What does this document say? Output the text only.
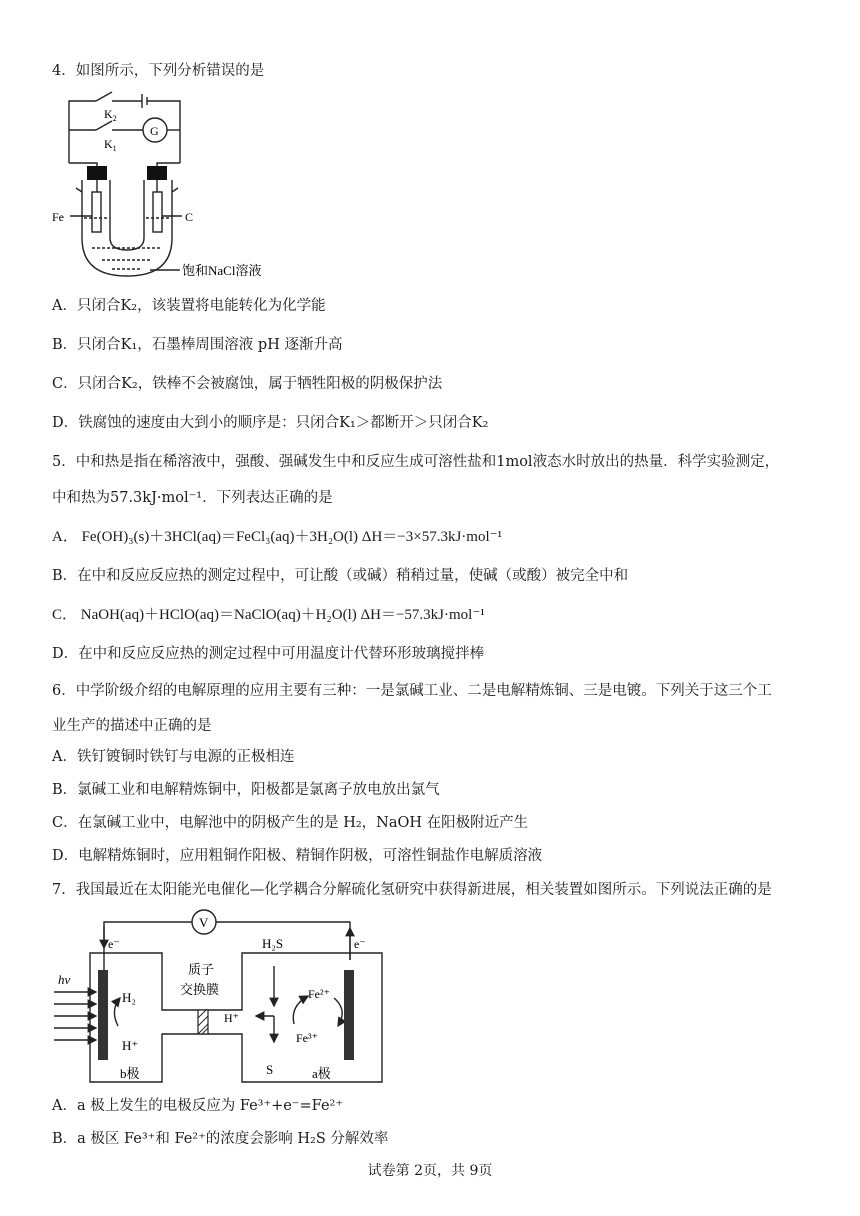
4．如图所示，下列分析错误的是
$K_2$
$K_1$
G
Fe	C
饱和NaCl溶液
A．只闭合K₂，该装置将电能转化为化学能
B．只闭合K₁，石墨棒周围溶液 pH 逐渐升高
C．只闭合K₂，铁棒不会被腐蚀，属于牺牲阳极的阴极保护法
D．铁腐蚀的速度由大到小的顺序是：只闭合K₁＞都断开＞只闭合K₂
5．中和热是指在稀溶液中，强酸、强碱发生中和反应生成可溶性盐和1mol液态水时放出的热量．科学实验测定，
中和热为57.3kJ·mol⁻¹．下列表达正确的是
A． Fe(OH)₃(s)＋3HCl(aq)＝FeCl₃(aq)＋3H₂O(l) ΔH＝−3×57.3kJ·mol⁻¹
B．在中和反应反应热的测定过程中，可让酸（或碱）稍稍过量，使碱（或酸）被完全中和
C． NaOH(aq)＋HClO(aq)＝NaClO(aq)＋H₂O(l) ΔH＝−57.3kJ·mol⁻¹
D．在中和反应反应热的测定过程中可用温度计代替环形玻璃搅拌棒
6．中学阶级介绍的电解原理的应用主要有三种：一是氯碱工业、二是电解精炼铜、三是电镀。下列关于这三个工
业生产的描述中正确的是
A．铁钉镀铜时铁钉与电源的正极相连
B．氯碱工业和电解精炼铜中，阳极都是氯离子放电放出氯气
C．在氯碱工业中，电解池中的阴极产生的是 H₂，NaOH 在阳极附近产生
D．电解精炼铜时，应用粗铜作阳极、精铜作阴极，可溶性铜盐作电解质溶液
7．我国最近在太阳能光电催化—化学耦合分解硫化氢研究中获得新进展，相关装置如图所示。下列说法正确的是
V
e⁻	e⁻
hν
H₂
H⁺
质子
交换膜
H⁺
H₂S
S
Fe²⁺
Fe³⁺
b极	a极
A．a 极上发生的电极反应为 Fe³⁺+e⁻=Fe²⁺
B．a 极区 Fe³⁺和 Fe²⁺的浓度会影响 H₂S 分解效率
试卷第 2页，共 9页
